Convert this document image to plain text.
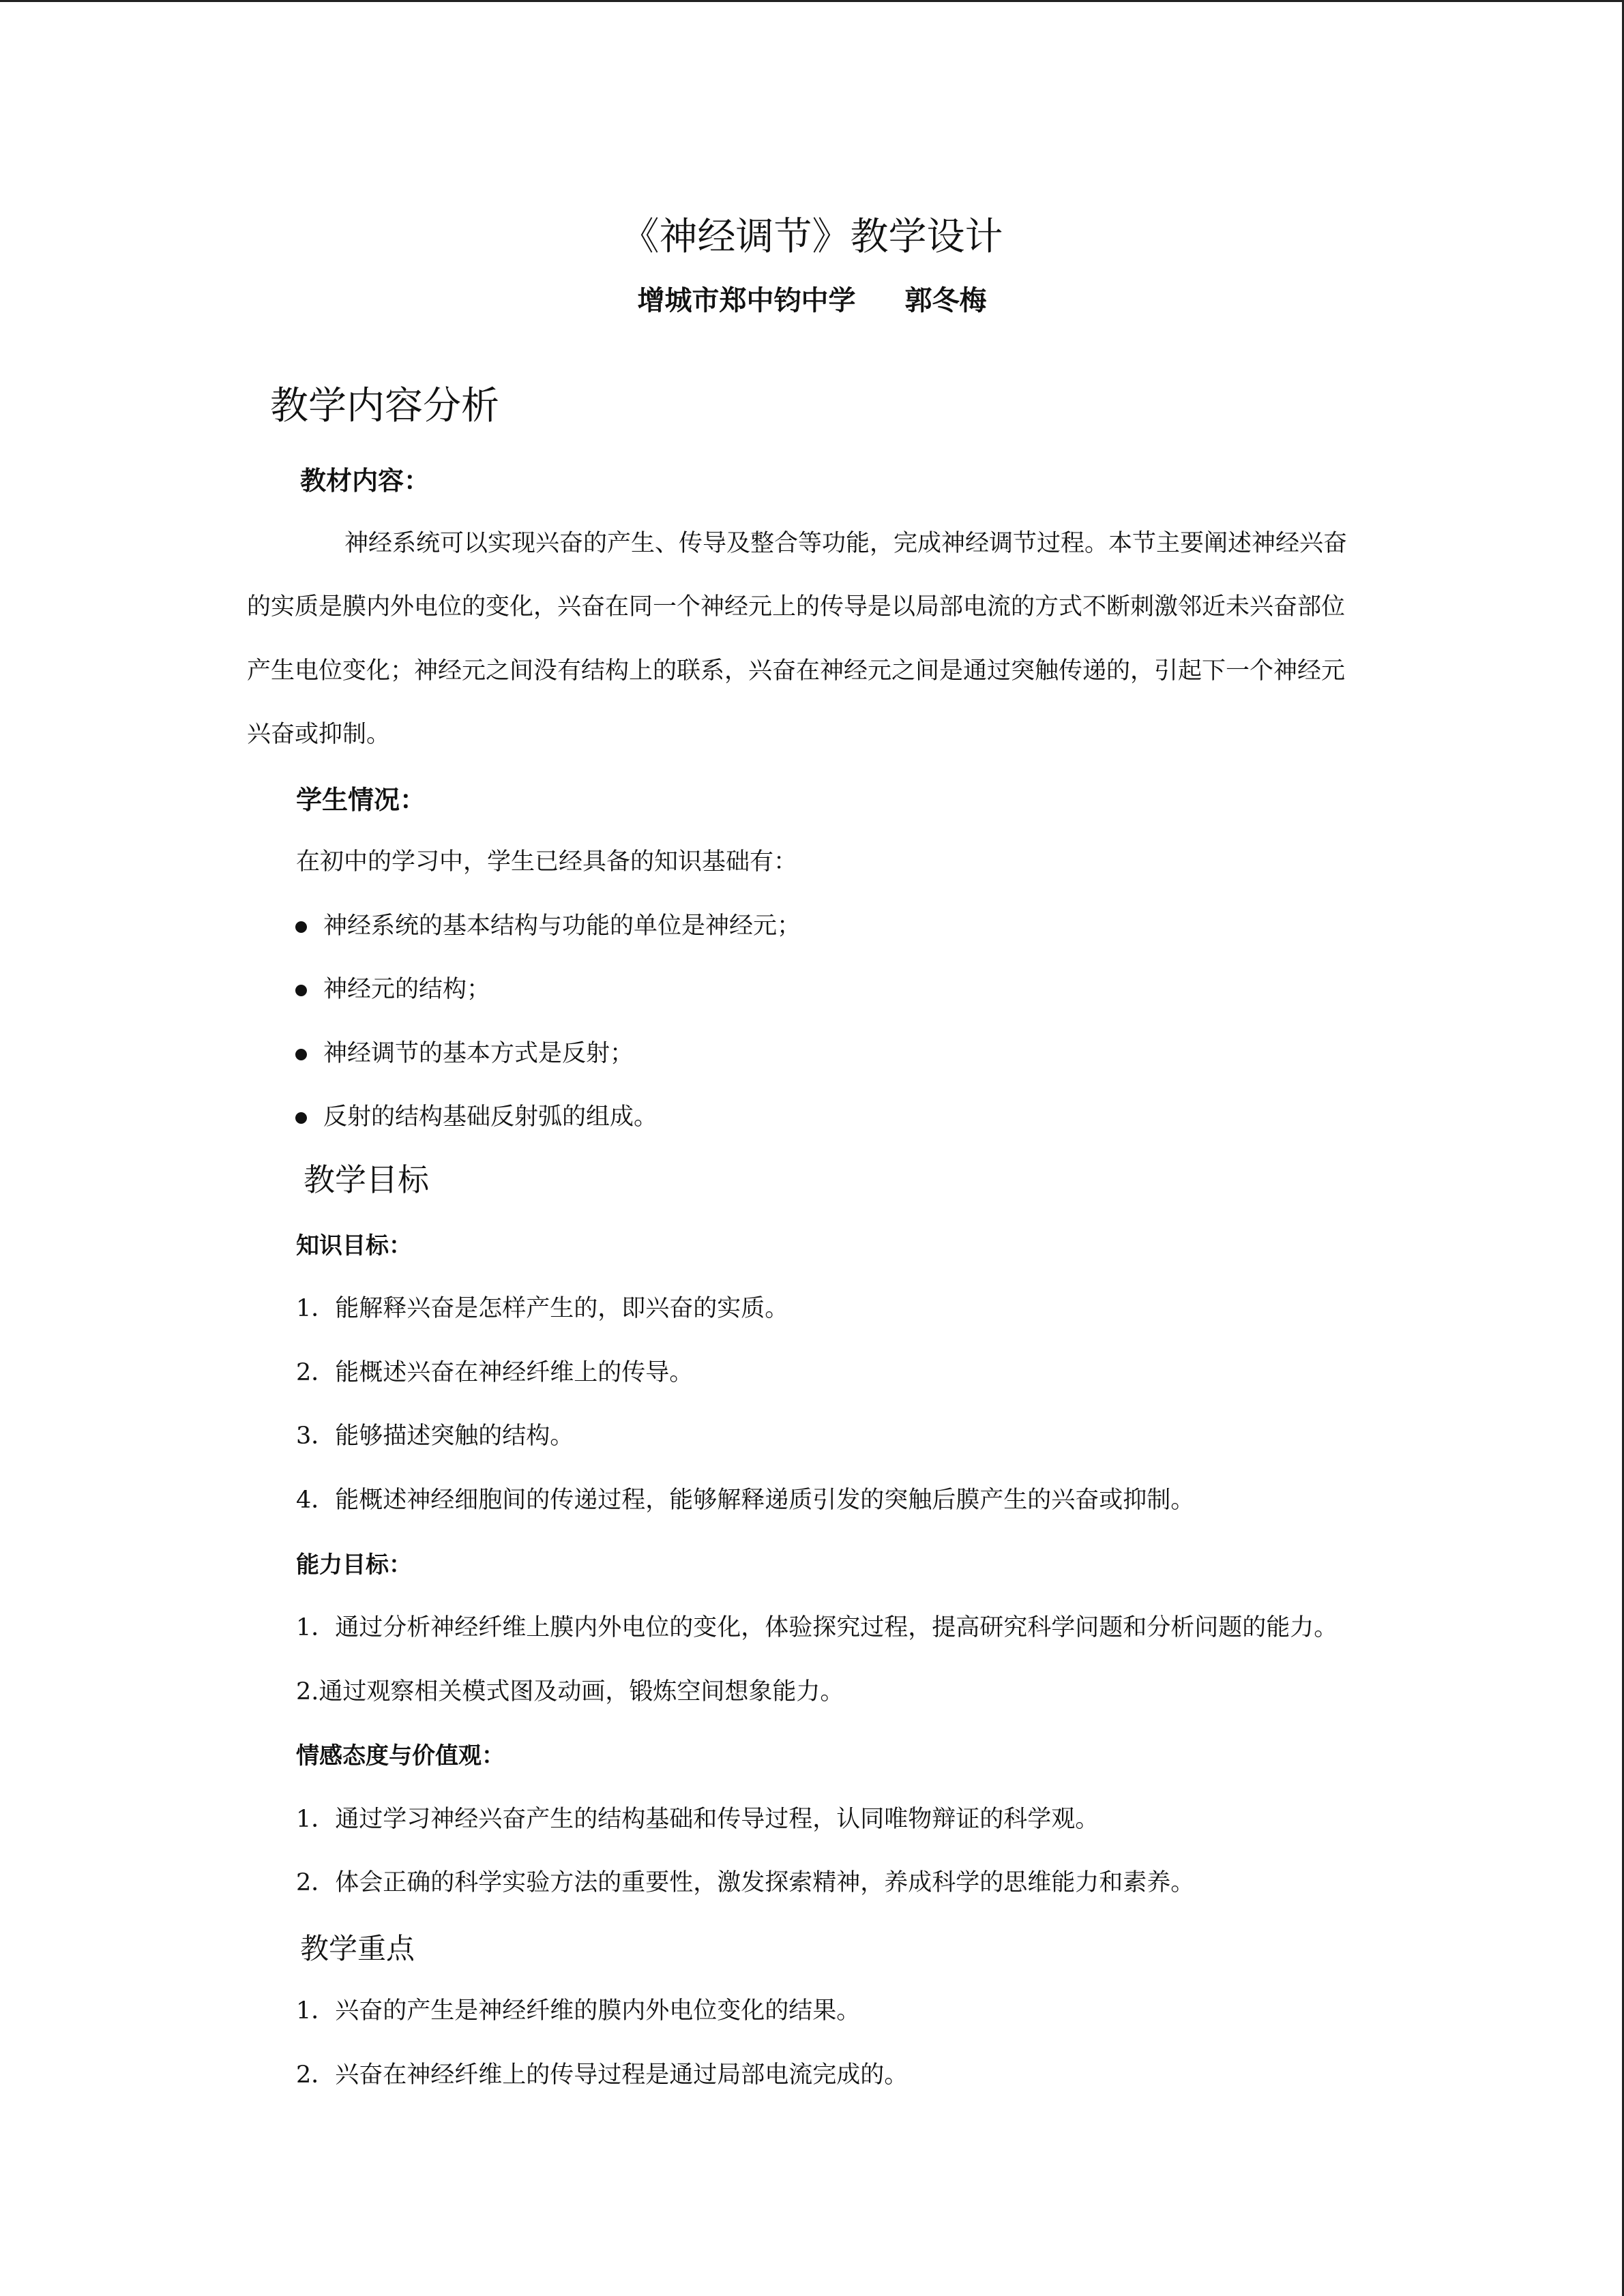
《神经调节》教学设计
增城市郑中钧中学 郭冬梅
教学内容分析
教材内容：
神经系统可以实现兴奋的产生、传导及整合等功能，完成神经调节过程。本节主要阐述神经兴奋
的实质是膜内外电位的变化，兴奋在同一个神经元上的传导是以局部电流的方式不断刺激邻近未兴奋部位
产生电位变化；神经元之间没有结构上的联系，兴奋在神经元之间是通过突触传递的，引起下一个神经元
兴奋或抑制。
学生情况：
在初中的学习中，学生已经具备的知识基础有：
神经系统的基本结构与功能的单位是神经元；
神经元的结构；
神经调节的基本方式是反射；
反射的结构基础反射弧的组成。
教学目标
知识目标：
1．能解释兴奋是怎样产生的，即兴奋的实质。
2．能概述兴奋在神经纤维上的传导。
3．能够描述突触的结构。
4．能概述神经细胞间的传递过程，能够解释递质引发的突触后膜产生的兴奋或抑制。
能力目标：
1．通过分析神经纤维上膜内外电位的变化，体验探究过程，提高研究科学问题和分析问题的能力。
2.通过观察相关模式图及动画，锻炼空间想象能力。
情感态度与价值观：
1．通过学习神经兴奋产生的结构基础和传导过程，认同唯物辩证的科学观。
2．体会正确的科学实验方法的重要性，激发探索精神，养成科学的思维能力和素养。
教学重点
1．兴奋的产生是神经纤维的膜内外电位变化的结果。
2．兴奋在神经纤维上的传导过程是通过局部电流完成的。
